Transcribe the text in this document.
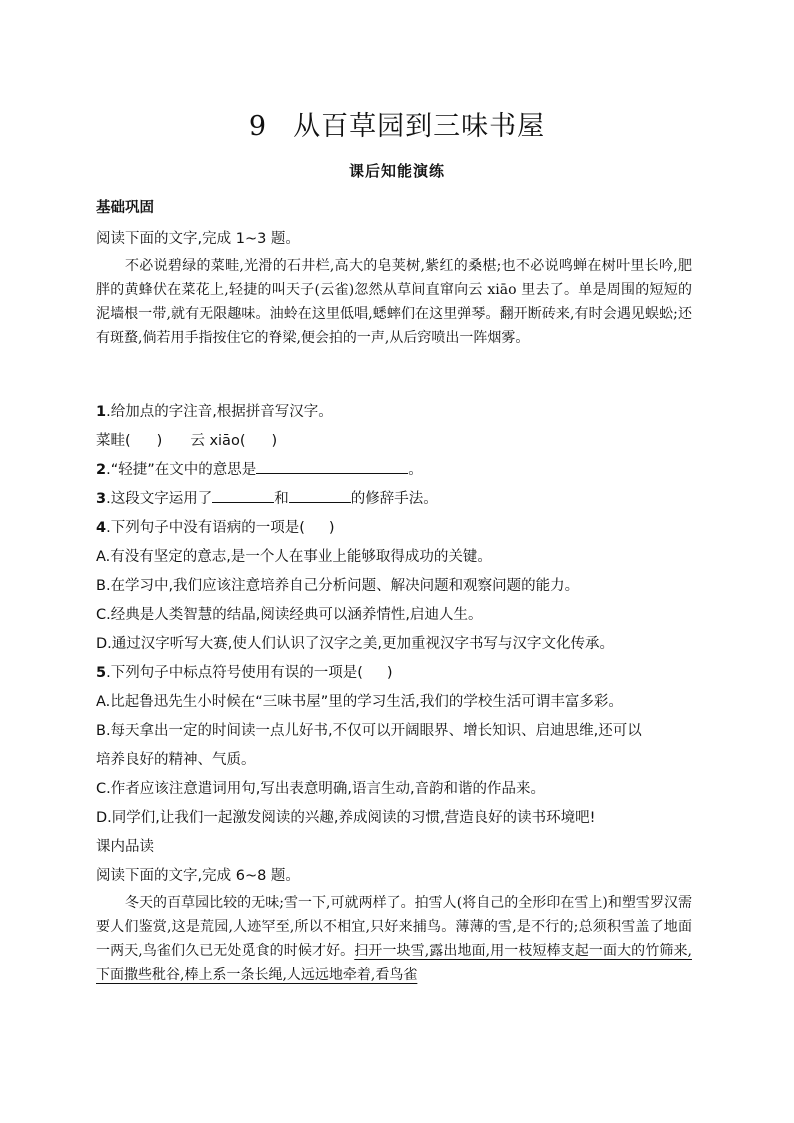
9 从百草园到三味书屋
课后知能演练
基础巩固
阅读下面的文字,完成 1~3 题。

不必说碧绿的菜畦,光滑的石井栏,高大的皂荚树,紫红的桑椹;也不必说鸣蝉在树叶里长吟,肥胖的黄蜂伏在菜花上,轻捷的叫天子(云雀)忽然从草间直窜向云 xiāo 里去了。单是周围的短短的泥墙根一带,就有无限趣味。油蛉在这里低唱,蟋蟀们在这里弹琴。翻开断砖来,有时会遇见蜈蚣;还有斑蝥,倘若用手指按住它的脊梁,便会拍的一声,从后窍喷出一阵烟雾。

1.给加点的字注音,根据拼音写汉字。
菜畦( ) 云 xiāo( )
2.“轻捷”在文中的意思是	。
3.这段文字运用了	和	的修辞手法。
4.下列句子中没有语病的一项是( )
A.有没有坚定的意志,是一个人在事业上能够取得成功的关键。
B.在学习中,我们应该注意培养自己分析问题、解决问题和观察问题的能力。
C.经典是人类智慧的结晶,阅读经典可以涵养情性,启迪人生。
D.通过汉字听写大赛,使人们认识了汉字之美,更加重视汉字书写与汉字文化传承。
5.下列句子中标点符号使用有误的一项是( )
A.比起鲁迅先生小时候在“三味书屋”里的学习生活,我们的学校生活可谓丰富多彩。
B.每天拿出一定的时间读一点儿好书,不仅可以开阔眼界、增长知识、启迪思维,还可以
培养良好的精神、气质。
C.作者应该注意遣词用句,写出表意明确,语言生动,音韵和谐的作品来。
D.同学们,让我们一起激发阅读的兴趣,养成阅读的习惯,营造良好的读书环境吧!
课内品读
阅读下面的文字,完成 6~8 题。

冬天的百草园比较的无味;雪一下,可就两样了。拍雪人(将自己的全形印在雪上)和塑雪罗汉需要人们鉴赏,这是荒园,人迹罕至,所以不相宜,只好来捕鸟。薄薄的雪,是不行的;总须积雪盖了地面一两天,鸟雀们久已无处觅食的时候才好。扫开一块雪,露出地面,用一枝短棒支起一面大的竹筛来,下面撒些秕谷,棒上系一条长绳,人远远地牵着,看鸟雀
